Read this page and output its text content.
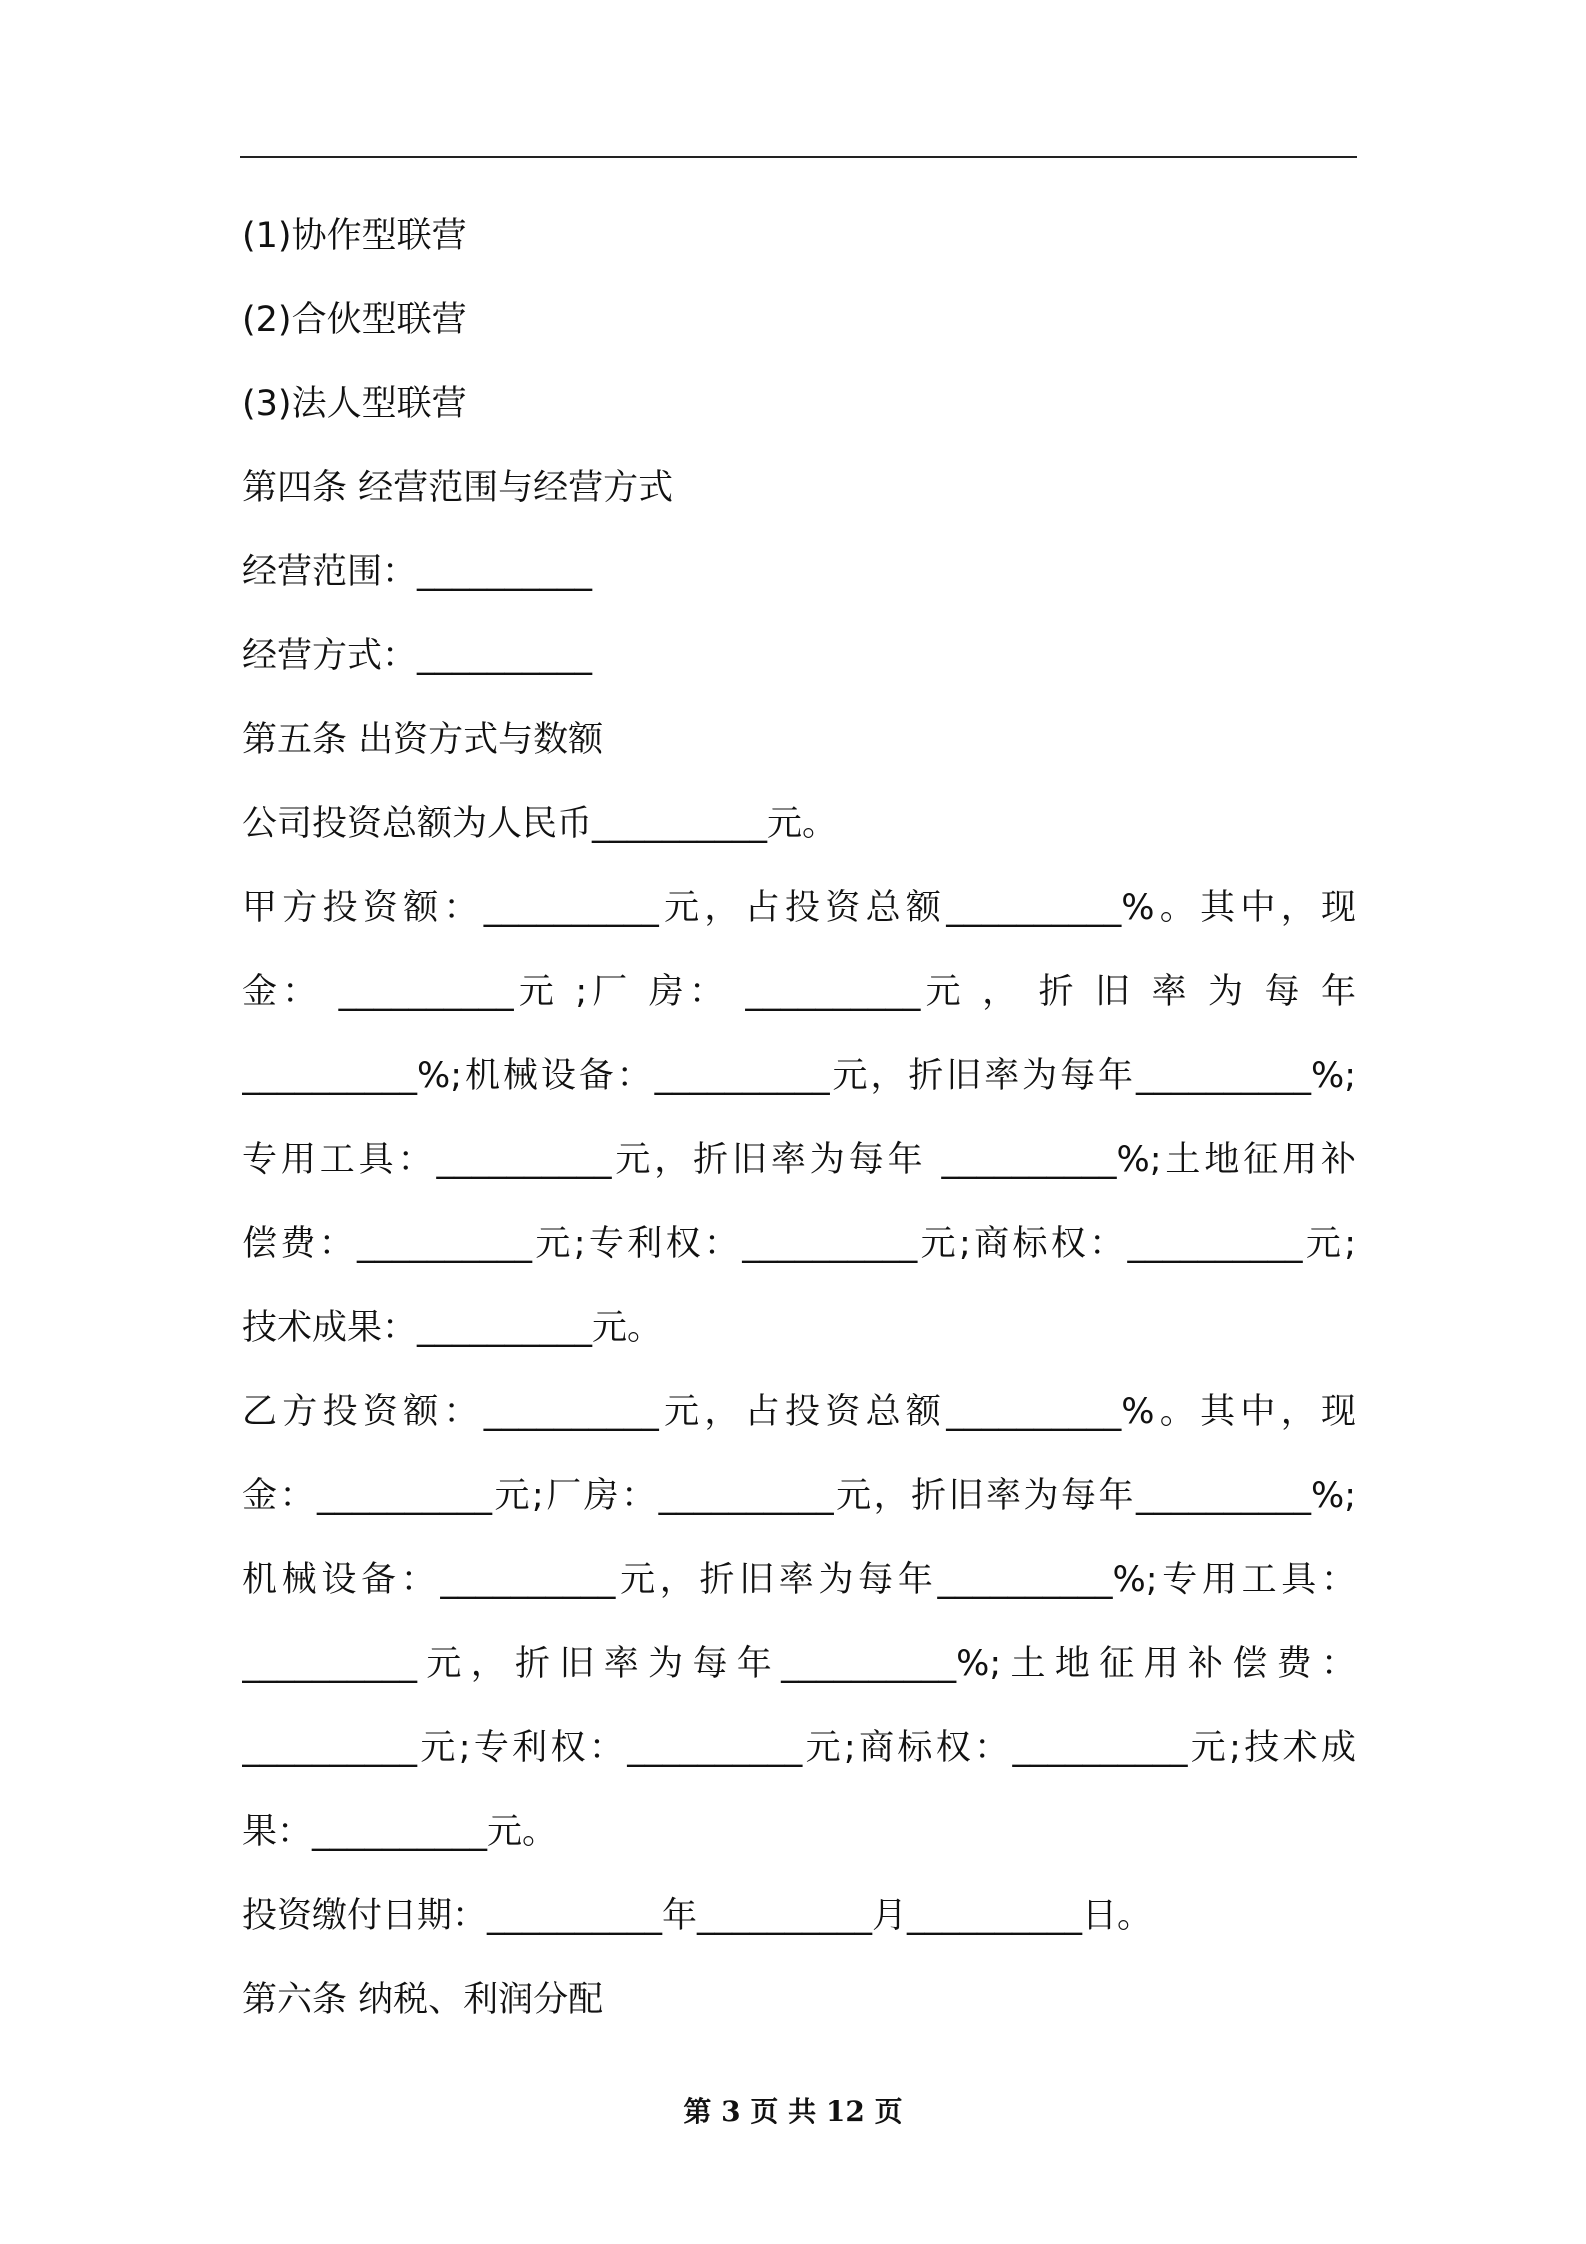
(1)协作型联营
(2)合伙型联营
(3)法人型联营
第四条 经营范围与经营方式
经营范围：__________
经营方式：__________
第五条 出资方式与数额
公司投资总额为人民币__________元。
甲方投资额：__________元，占投资总额__________%。其中，现
金： __________元 ;厂 房： __________元 ， 折 旧 率 为 每 年
__________%;机械设备：__________元，折旧率为每年__________%;
专用工具：__________元，折旧率为每年 __________%;土地征用补
偿费：__________元;专利权：__________元;商标权：__________元;
技术成果：__________元。
乙方投资额：__________元，占投资总额__________%。其中，现
金：__________元;厂房：__________元，折旧率为每年__________%;
机械设备：__________元，折旧率为每年__________%;专用工具：
__________元，折旧率为每年__________%;土地征用补偿费：
__________元;专利权：__________元;商标权：__________元;技术成
果：__________元。
投资缴付日期：__________年__________月__________日。
第六条 纳税、利润分配
第 3 页 共 12 页
